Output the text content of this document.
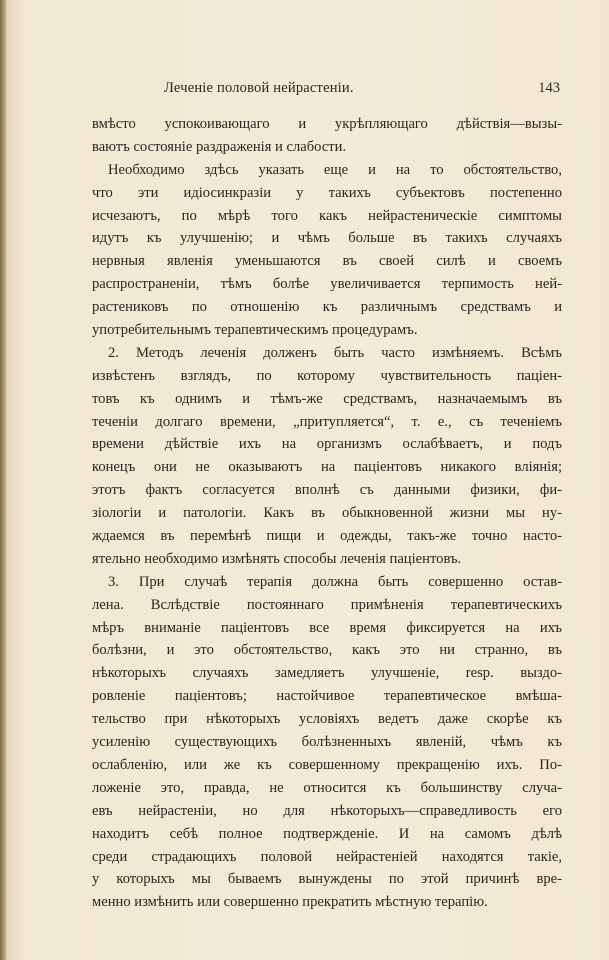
Леченіе половой нейрастеніи.	143
вмѣсто успокоивающаго и укрѣпляющаго дѣйствія—вызы-
ваютъ состояніе раздраженія и слабости.
Необходимо здѣсь указать еще и на то обстоятельство,
что эти идіосинкразіи у такихъ субъектовъ постепенно
исчезаютъ, по мѣрѣ того какъ нейрастеническіе симптомы
идутъ къ улучшенію; и чѣмъ больше въ такихъ случаяхъ
нервныя явленія уменьшаются въ своей силѣ и своемъ
распространеніи, тѣмъ болѣе увеличивается терпимость ней-
растениковъ по отношенію къ различнымъ средствамъ и
употребительнымъ терапевтическимъ процедурамъ.
2. Методъ леченія долженъ быть часто измѣняемъ. Всѣмъ
извѣстенъ взглядъ, по которому чувствительность паціен-
товъ къ однимъ и тѣмъ-же средствамъ, назначаемымъ въ
теченіи долгаго времени, „притупляется“, т. е., съ теченіемъ
времени дѣйствіе ихъ на организмъ ослабѣваетъ, и подъ
конецъ они не оказываютъ на паціентовъ никакого вліянія;
этотъ фактъ согласуется вполнѣ съ данными физики, фи-
зіологіи и патологіи. Какъ въ обыкновенной жизни мы ну-
ждаемся въ перемѣнѣ пищи и одежды, такъ-же точно насто-
ятельно необходимо измѣнять способы леченія паціентовъ.
3. При случаѣ терапія должна быть совершенно остав-
лена. Вслѣдствіе постояннаго примѣненія терапевтическихъ
мѣръ вниманіе паціентовъ все время фиксируется на ихъ
болѣзни, и это обстоятельство, какъ это ни странно, въ
нѣкоторыхъ случаяхъ замедляетъ улучшеніе, resp. выздо-
ровленіе паціентовъ; настойчивое терапевтическое вмѣша-
тельство при нѣкоторыхъ условіяхъ ведетъ даже скорѣе къ
усиленію существующихъ болѣзненныхъ явленій, чѣмъ къ
ослабленію, или же къ совершенному прекращенію ихъ. По-
ложеніе это, правда, не относится къ большинству случа-
евъ нейрастеніи, но для нѣкоторыхъ—справедливость его
находитъ себѣ полное подтвержденіе. И на самомъ дѣлѣ
среди страдающихъ половой нейрастеніей находятся такіе,
у которыхъ мы бываемъ вынуждены по этой причинѣ вре-
менно измѣнить или совершенно прекратить мѣстную терапію.
